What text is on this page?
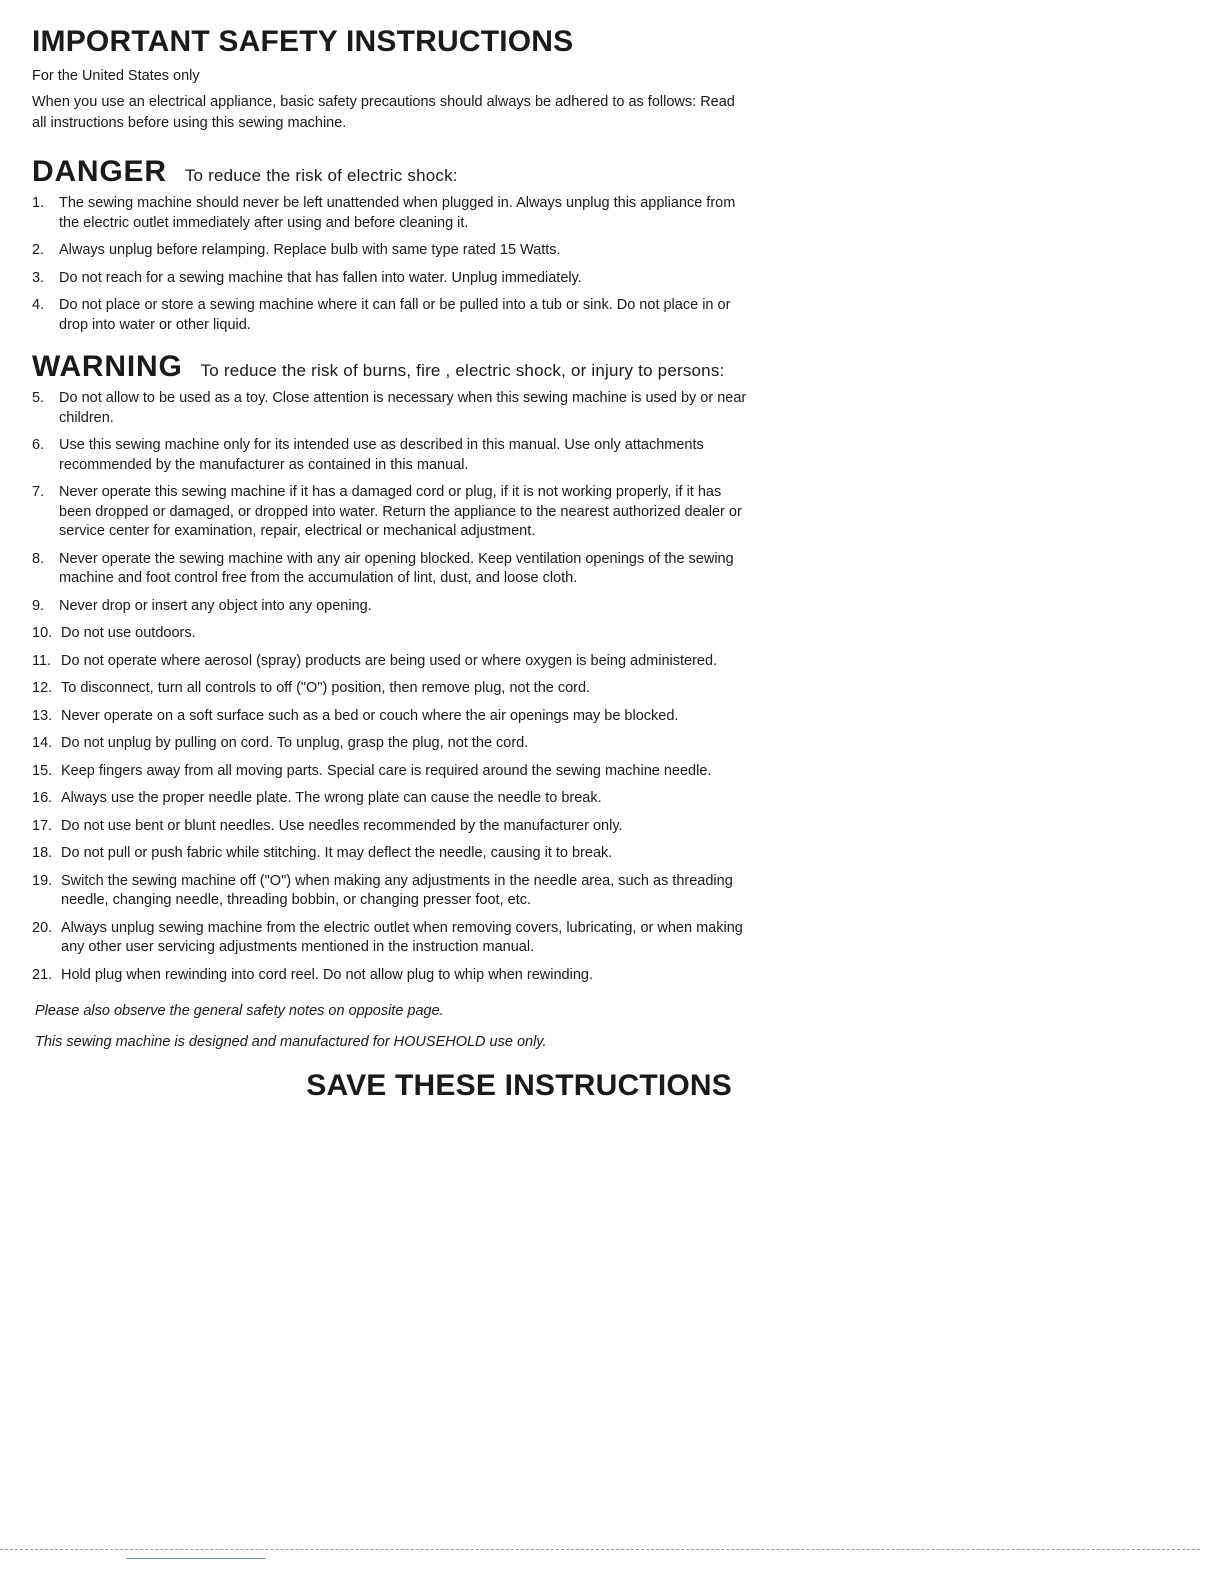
IMPORTANT SAFETY INSTRUCTIONS

For the United States only

When you use an electrical appliance, basic safety precautions should always be adhered to as follows: Read all instructions before using this sewing machine.

DANGER To reduce the risk of electric shock:
1.	The sewing machine should never be left unattended when plugged in. Always unplug this appliance from the electric outlet immediately after using and before cleaning it.
2.	Always unplug before relamping. Replace bulb with same type rated 15 Watts.
3.	Do not reach for a sewing machine that has fallen into water. Unplug immediately.
4.	Do not place or store a sewing machine where it can fall or be pulled into a tub or sink. Do not place in or drop into water or other liquid.
WARNING To reduce the risk of burns, fire , electric shock, or injury to persons:
5.	Do not allow to be used as a toy. Close attention is necessary when this sewing machine is used by or near children.
6.	Use this sewing machine only for its intended use as described in this manual. Use only attachments recommended by the manufacturer as contained in this manual.
7.	Never operate this sewing machine if it has a damaged cord or plug, if it is not working properly, if it has been dropped or damaged, or dropped into water. Return the appliance to the nearest authorized dealer or service center for examination, repair, electrical or mechanical adjustment.
8.	Never operate the sewing machine with any air opening blocked. Keep ventilation openings of the sewing machine and foot control free from the accumulation of lint, dust, and loose cloth.
9.	Never drop or insert any object into any opening.
10. Do not use outdoors.
11. Do not operate where aerosol (spray) products are being used or where oxygen is being administered.
12. To disconnect, turn all controls to off ("O") position, then remove plug, not the cord.
13. Never operate on a soft surface such as a bed or couch where the air openings may be blocked.
14. Do not unplug by pulling on cord. To unplug, grasp the plug, not the cord.
15. Keep fingers away from all moving parts. Special care is required around the sewing machine needle.
16. Always use the proper needle plate. The wrong plate can cause the needle to break.
17. Do not use bent or blunt needles. Use needles recommended by the manufacturer only.
18. Do not pull or push fabric while stitching. It may deflect the needle, causing it to break.
19. Switch the sewing machine off ("O") when making any adjustments in the needle area, such as threading needle, changing needle, threading bobbin, or changing presser foot, etc.
20. Always unplug sewing machine from the electric outlet when removing covers, lubricating, or when making any other user servicing adjustments mentioned in the instruction manual.
21. Hold plug when rewinding into cord reel. Do not allow plug to whip when rewinding.

Please also observe the general safety notes on opposite page.

This sewing machine is designed and manufactured for HOUSEHOLD use only.

SAVE THESE INSTRUCTIONS
